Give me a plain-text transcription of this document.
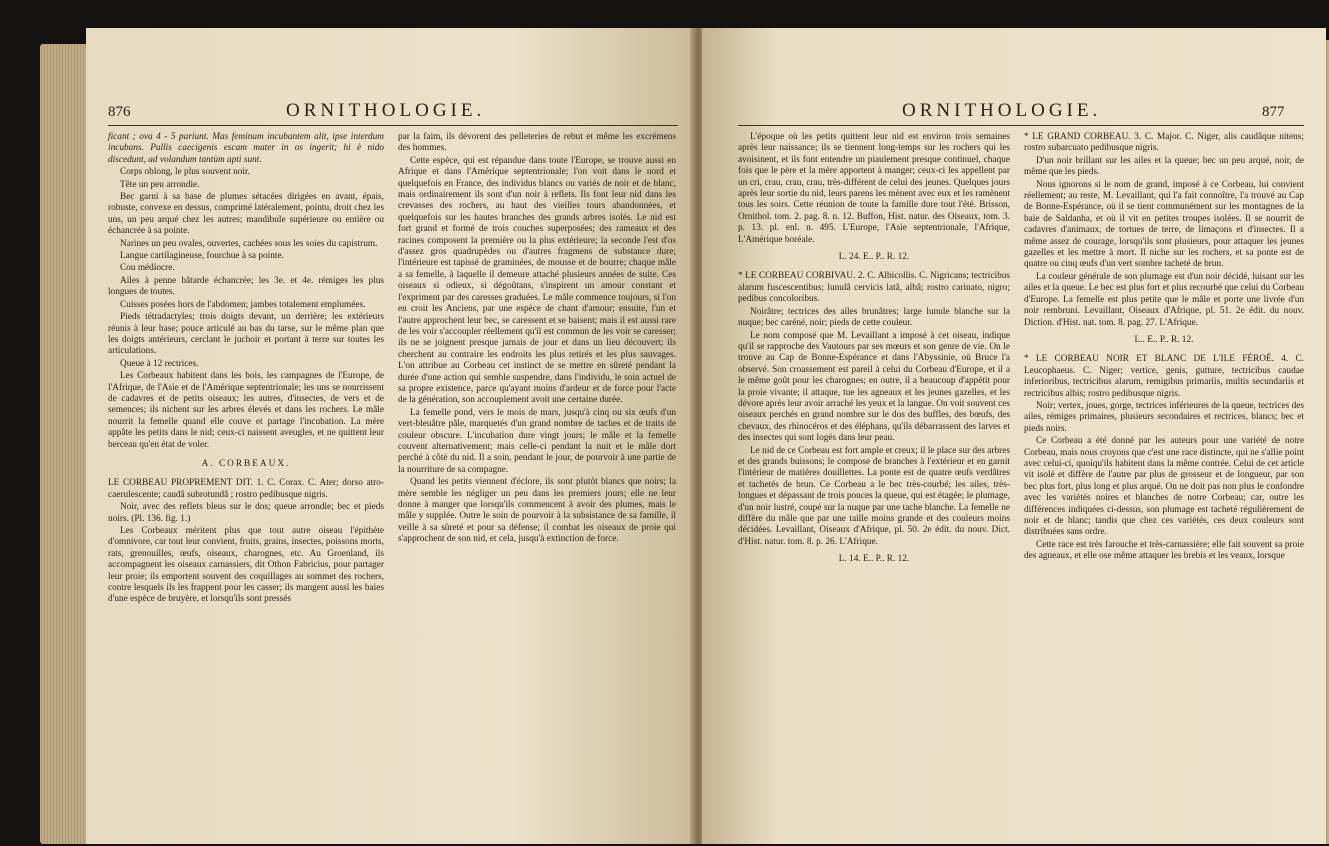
876	ORNITHOLOGIE.

ficant ; ova 4 - 5 pariunt. Mas feminam incubantem alit, ipse interdum incubans. Pullis caecigenis escam mater in os ingerit; hi è nido discedunt, ad volandum tantùm apti sunt.

Corps oblong, le plus souvent noir.

Tête un peu arrondie.

Bec garni à sa base de plumes sétacées dirigées en avant, épais, robuste, convexe en dessus, comprimé latéralement, pointu, droit chez les uns, un peu arqué chez les autres; mandibule supérieure ou entière ou échancrée à sa pointe.

Narines un peu ovales, ouvertes, cachées sous les soies du capistrum.

Langue cartilagineuse, fourchue à sa pointe.

Cou médiocre.

Ailes à penne bâtarde échancrée; les 3e. et 4e. rémiges les plus longues de toutes.

Cuisses posées hors de l'abdomen; jambes totalement emplumées.

Pieds tétradactyles; trois doigts devant, un derrière; les extérieurs réunis à leur base; pouce articulé au bas du tarse, sur le même plan que les doigts antérieurs, cerclant le juchoir et portant à terre sur toutes les articulations.

Queue à 12 rectrices.

Les Corbeaux habitent dans les bois, les campagnes de l'Europe, de l'Afrique, de l'Asie et de l'Amérique septentrionale; les uns se nourrissent de cadavres et de petits oiseaux; les autres, d'insectes, de vers et de semences; ils nichent sur les arbres élevés et dans les rochers. Le mâle nourrit la femelle quand elle couve et partage l'incubation. La mère appâte les petits dans le nid; ceux-ci naissent aveugles, et ne quittent leur berceau qu'en état de voler.

A. CORBEAUX.

LE CORBEAU PROPREMENT DIT. 1. C. Corax. C. Ater; dorso atro-caerulescente; caudâ subrotundâ ; rostro pedibusque nigris.

Noir, avec des reflets bleus sur le dos; queue arrondie; bec et pieds noirs. (Pl. 136. fig. 1.)

Les Corbeaux méritent plus que tout autre oiseau l'épithète d'omnivore, car tout leur convient, fruits, grains, insectes, poissons morts, rats, grenouilles, œufs, oiseaux, charognes, etc. Au Groenland, ils accompagnent les oiseaux carnassiers, dit Othon Fabricius, pour partager leur proie; ils emportent souvent des coquillages au sommet des rochers, contre lesquels ils les frappent pour les casser; ils mangent aussi les baies d'une espèce de bruyère, et lorsqu'ils sont pressés

par la faim, ils dévorent des pelleteries de rebut et même les excrémens des hommes.

Cette espèce, qui est répandue dans toute l'Europe, se trouve aussi en Afrique et dans l'Amérique septentrionale; l'on voit dans le nord et quelquefois en France, des individus blancs ou variés de noir et de blanc, mais ordinairement ils sont d'un noir à reflets. Ils font leur nid dans les crevasses des rochers, au haut des vieilles tours abandonnées, et quelquefois sur les hautes branches des grands arbres isolés. Le nid est fort grand et formé de trois couches superposées; des rameaux et des racines composent la première ou la plus extérieure; la seconde l'est d'os d'assez gros quadrupèdes ou d'autres fragmens de substance dure; l'intérieure est tapissé de graminées, de mousse et de bourre; chaque mâle a sa femelle, à laquelle il demeure attaché plusieurs années de suite. Ces oiseaux si odieux, si dégoûtans, s'inspirent un amour constant et l'expriment par des caresses graduées. Le mâle commence toujours, si l'on en croit les Anciens, par une espèce de chant d'amour; ensuite, l'un et l'autre approchent leur bec, se caressent et se baisent; mais il est aussi rare de les voir s'accoupler réellement qu'il est commun de les voir se caresser; ils ne se joignent presque jamais de jour et dans un lieu découvert; ils cherchent au contraire les endroits les plus retirés et les plus sauvages. L'on attribue au Corbeau cet instinct de se mettre en sûreté pendant la durée d'une action qui semble suspendre, dans l'individu, le soin actuel de sa propre existence, parce qu'ayant moins d'ardeur et de force pour l'acte de la génération, son accouplement avoit une certaine durée.

La femelle pond, vers le mois de mars, jusqu'à cinq ou six œufs d'un vert-bleuâtre pâle, marquetés d'un grand nombre de taches et de traits de couleur obscure. L'incubation dure vingt jours; le mâle et la femelle couvent alternativement; mais celle-ci pendant la nuit et le mâle dort perché à côté du nid. Il a soin, pendant le jour, de pourvoir à une partie de la nourriture de sa compagne.

Quand les petits viennent d'éclore, ils sont plutôt blancs que noirs; la mère semble les négliger un peu dans les premiers jours; elle ne leur donne à manger que lorsqu'ils commencent à avoir des plumes, mais le mâle y supplée. Outre le soin de pourvoir à la subsistance de sa famille, il veille à sa sûreté et pour sa défense; il combat les oiseaux de proie qui s'approchent de son nid, et cela, jusqu'à extinction de force.

ORNITHOLOGIE.	877

L'époque où les petits quittent leur nid est environ trois semaines après leur naissance; ils se tiennent long-temps sur les rochers qui les avoisinent, et ils font entendre un piaulement presque continuel, chaque fois que le père et la mère apportent à manger; ceux-ci les appellent par un cri, crau, crau, crau, très-différent de celui des jeunes. Quelques jours après leur sortie du nid, leurs parens les mènent avec eux et les ramènent tous les soirs. Cette réunion de toute la famille dure tout l'été. Brisson, Ornithol. tom. 2. pag. 8. n. 12. Buffon, Hist. natur. des Oiseaux, tom. 3. p. 13. pl. enl. n. 495. L'Europe, l'Asie septentrionale, l'Afrique, L'Amérique boréale.

L. 24. E.. P.. R. 12.

* LE CORBEAU CORBIVAU. 2. C. Albicollis. C. Nigricans; tectricibus alarum fuscescentibus; lunulâ cervicis latâ, albâ; rostro carinato, nigro; pedibus concoloribus.

Noirâtre; tectrices des ailes brunâtres; large lunule blanche sur la nuque; bec caréné, noir; pieds de cette couleur.

Le nom composé que M. Levaillant a imposé à cet oiseau, indique qu'il se rapproche des Vautours par ses mœurs et son genre de vie. On le trouve au Cap de Bonne-Espérance et dans l'Abyssinie, où Bruce l'a observé. Son croassement est pareil à celui du Corbeau d'Europe, et il a le même goût pour les charognes; en outre, il a beaucoup d'appétit pour la proie vivante; il attaque, tue les agneaux et les jeunes gazelles, et les dévore après leur avoir arraché les yeux et la langue. On voit souvent ces oiseaux perchés en grand nombre sur le dos des buffles, des bœufs, des chevaux, des rhinocéros et des éléphans, qu'ils débarrassent des larves et des insectes qui sont logés dans leur peau.

Le nid de ce Corbeau est fort ample et creux; il le place sur des arbres et des grands buissons; le compose de branches à l'extérieur et en garnit l'intérieur de matières douillettes. La ponte est de quatre œufs verdâtres et tachetés de brun. Ce Corbeau a le bec très-courbé; les ailes, très-longues et dépassant de trois pouces la queue, qui est étagée; le plumage, d'un noir lustré, coupé sur la nuque par une tache blanche. La femelle ne diffère du mâle que par une taille moins grande et des couleurs moins décidées. Levaillant, Oiseaux d'Afrique, pl. 50. 2e édit. du nouv. Dict. d'Hist. natur. tom. 8. p. 26. L'Afrique.

L. 14. E.. P.. R. 12.

* LE GRAND CORBEAU. 3. C. Major. C. Niger, alis caudâque nitens; rostro subarcuato pedibusque nigris.

D'un noir brillant sur les ailes et la queue; bec un peu arqué, noir, de même que les pieds.

Nous ignorons si le nom de grand, imposé à ce Corbeau, lui convient réellement; au reste, M. Levaillant, qui l'a fait connoître, l'a trouvé au Cap de Bonne-Espérance, où il se tient communément sur les montagnes de la baie de Saldanha, et où il vit en petites troupes isolées. Il se nourrit de cadavres d'animaux, de tortues de terre, de limaçons et d'insectes. Il a même assez de courage, lorsqu'ils sont plusieurs, pour attaquer les jeunes gazelles et les mettre à mort. Il niche sur les rochers, et sa ponte est de quatre ou cinq œufs d'un vert sombre tacheté de brun.

La couleur générale de son plumage est d'un noir décidé, luisant sur les ailes et la queue. Le bec est plus fort et plus recourbé que celui du Corbeau d'Europe. La femelle est plus petite que le mâle et porte une livrée d'un noir rembruni. Levaillant, Oiseaux d'Afrique, pl. 51. 2e édit. du nouv. Diction. d'Hist. nat. tom. 8. pag. 27. L'Afrique.

L.. E.. P.. R. 12.

* LE CORBEAU NOIR ET BLANC DE L'ILE FÉROÉ. 4. C. Leucophaeus. C. Niger; vertice, genis, gutture, tectricibus caudae inferioribus, tectricibus alarum, remigibus primariis, multis secundariis et rectricibus albis; rostro pedibusque nigris.

Noir; vertex, joues, gorge, tectrices inférieures de la queue, tectrices des ailes, rémiges primaires, plusieurs secondaires et rectrices, blancs; bec et pieds noirs.

Ce Corbeau a été donné par les auteurs pour une variété de notre Corbeau, mais nous croyons que c'est une race distincte, qui ne s'allie point avec celui-ci, quoiqu'ils habitent dans la même contrée. Celui de cet article vit isolé et diffère de l'autre par plus de grosseur et de longueur, par son bec plus fort, plus long et plus arqué. On ne doit pas non plus le confondre avec les variétés noires et blanches de notre Corbeau; car, outre les différences indiquées ci-dessus, son plumage est tacheté régulièrement de noir et de blanc; tandis que chez ces variétés, ces deux couleurs sont distribuées sans ordre.

Cette race est très farouche et très-carnassière; elle fait souvent sa proie des agneaux, et elle ose même attaquer les brebis et les veaux, lorsque
